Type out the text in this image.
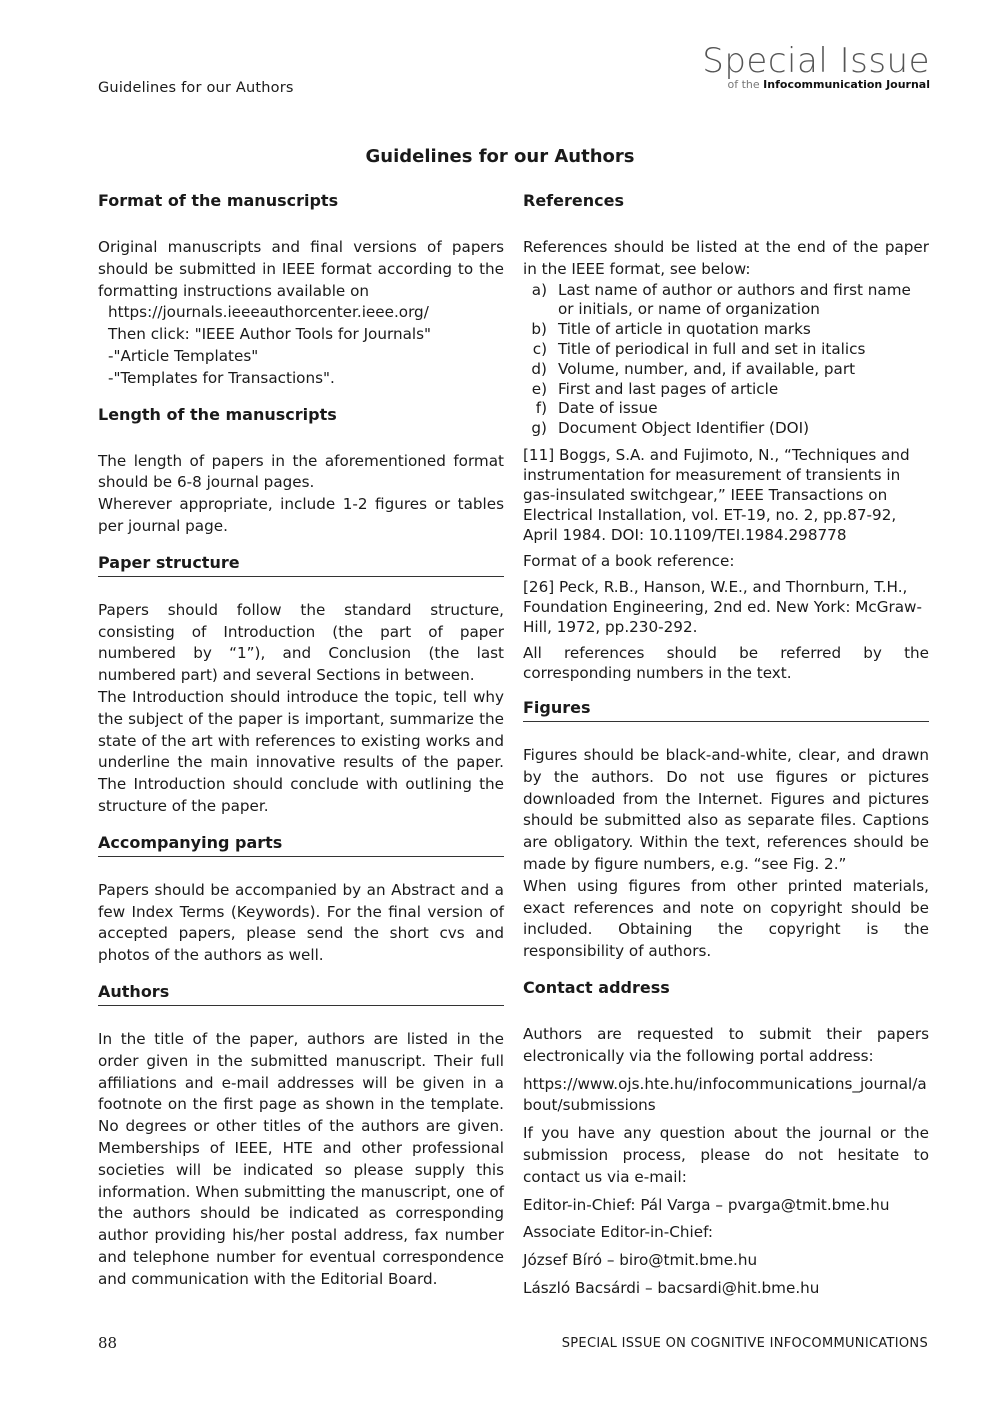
Guidelines for our Authors
Special Issue
of the Infocommunication Journal
Guidelines for our Authors
Format of the manuscripts

Original manuscripts and final versions of papers should be submitted in IEEE format according to the formatting instructions available on

https://journals.ieeeauthorcenter.ieee.org/
Then click: "IEEE Author Tools for Journals"
-"Article Templates"
-"Templates for Transactions".
Length of the manuscripts

The length of papers in the aforementioned format should be 6-8 journal pages.

Wherever appropriate, include 1-2 figures or tables per journal page.

Paper structure

Papers should follow the standard structure, consisting of Introduction (the part of paper numbered by “1”), and Conclusion (the last numbered part) and several Sections in between.

The Introduction should introduce the topic, tell why the subject of the paper is important, summarize the state of the art with references to existing works and underline the main innovative results of the paper. The Introduction should conclude with outlining the structure of the paper.

Accompanying parts

Papers should be accompanied by an Abstract and a few Index Terms (Keywords). For the final version of accepted papers, please send the short cvs and photos of the authors as well.

Authors

In the title of the paper, authors are listed in the order given in the submitted manuscript. Their full affiliations and e-mail addresses will be given in a footnote on the first page as shown in the template. No degrees or other titles of the authors are given. Memberships of IEEE, HTE and other professional societies will be indicated so please supply this information. When submitting the manuscript, one of the authors should be indicated as corresponding author providing his/her postal address, fax number and telephone number for eventual correspondence and communication with the Editorial Board.

References

References should be listed at the end of the paper in the IEEE format, see below:

a) Last name of author or authors and first name or initials, or name of organization
b) Title of article in quotation marks
c) Title of periodical in full and set in italics
d) Volume, number, and, if available, part
e) First and last pages of article
f) Date of issue
g) Document Object Identifier (DOI)

[11] Boggs, S.A. and Fujimoto, N., “Techniques and instrumentation for measurement of transients in gas-insulated switchgear,” IEEE Transactions on Electrical Installation, vol. ET-19, no. 2, pp.87-92, April 1984. DOI: 10.1109/TEI.1984.298778

Format of a book reference:

[26] Peck, R.B., Hanson, W.E., and Thornburn, T.H., Foundation Engineering, 2nd ed. New York: McGraw-Hill, 1972, pp.230-292.

All references should be referred by the corresponding numbers in the text.

Figures

Figures should be black-and-white, clear, and drawn by the authors. Do not use figures or pictures downloaded from the Internet. Figures and pictures should be submitted also as separate files. Captions are obligatory. Within the text, references should be made by figure numbers, e.g. “see Fig. 2.”

When using figures from other printed materials, exact references and note on copyright should be included. Obtaining the copyright is the responsibility of authors.

Contact address

Authors are requested to submit their papers electronically via the following portal address:

https://www.ojs.hte.hu/infocommunications_journal/about/submissions

If you have any question about the journal or the submission process, please do not hesitate to contact us via e-mail:

Editor-in-Chief: Pál Varga – pvarga@tmit.bme.hu

Associate Editor-in-Chief:

József Bíró – biro@tmit.bme.hu

László Bacsárdi – bacsardi@hit.bme.hu

88	SPECIAL ISSUE ON COGNITIVE INFOCOMMUNICATIONS
